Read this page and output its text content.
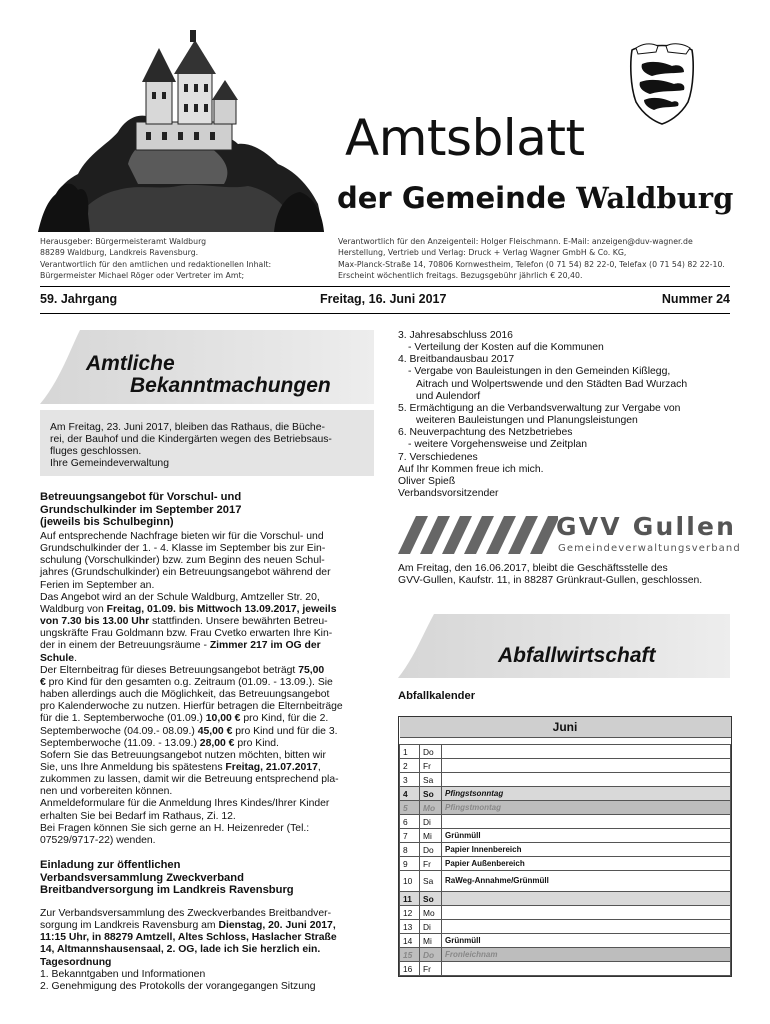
Amtsblatt
der Gemeinde Waldburg
Herausgeber: Bürgermeisteramt Waldburg
88289 Waldburg, Landkreis Ravensburg.
Verantwortlich für den amtlichen und redaktionellen Inhalt:
Bürgermeister Michael Röger oder Vertreter im Amt;
Verantwortlich für den Anzeigenteil: Holger Fleischmann. E-Mail: anzeigen@duv-wagner.de
Herstellung, Vertrieb und Verlag: Druck + Verlag Wagner GmbH & Co. KG,
Max-Planck-Straße 14, 70806 Kornwestheim, Telefon (0 71 54) 82 22-0, Telefax (0 71 54) 82 22-10.
Erscheint wöchentlich freitags. Bezugsgebühr jährlich € 20,40.
59. Jahrgang	Freitag, 16. Juni 2017	Nummer 24
Amtliche
Bekanntmachungen
Am Freitag, 23. Juni 2017, bleiben das Rathaus, die Büche-
rei, der Bauhof und die Kindergärten wegen des Betriebsaus-
fluges geschlossen.
Ihre Gemeindeverwaltung
Betreuungsangebot für Vorschul- und
Grundschulkinder im September 2017
(jeweils bis Schulbeginn)
Auf entsprechende Nachfrage bieten wir für die Vorschul- und
Grundschulkinder der 1. - 4. Klasse im September bis zur Ein-
schulung (Vorschulkinder) bzw. zum Beginn des neuen Schul-
jahres (Grundschulkinder) ein Betreuungsangebot während der
Ferien im September an.
Das Angebot wird an der Schule Waldburg, Amtzeller Str. 20,
Waldburg von Freitag, 01.09. bis Mittwoch 13.09.2017, jeweils
von 7.30 bis 13.00 Uhr stattfinden. Unsere bewährten Betreu-
ungskräfte Frau Goldmann bzw. Frau Cvetko erwarten Ihre Kin-
der in einem der Betreuungsräume - Zimmer 217 im OG der
Schule.
Der Elternbeitrag für dieses Betreuungsangebot beträgt 75,00
€ pro Kind für den gesamten o.g. Zeitraum (01.09. - 13.09.). Sie
haben allerdings auch die Möglichkeit, das Betreuungsangebot
pro Kalenderwoche zu nutzen. Hierfür betragen die Elternbeiträge
für die 1. Septemberwoche (01.09.) 10,00 € pro Kind, für die 2.
Septemberwoche (04.09.- 08.09.) 45,00 € pro Kind und für die 3.
Septemberwoche (11.09. - 13.09.) 28,00 € pro Kind.
Sofern Sie das Betreuungsangebot nutzen möchten, bitten wir
Sie, uns Ihre Anmeldung bis spätestens Freitag, 21.07.2017,
zukommen zu lassen, damit wir die Betreuung entsprechend pla-
nen und vorbereiten können.
Anmeldeformulare für die Anmeldung Ihres Kindes/Ihrer Kinder
erhalten Sie bei Bedarf im Rathaus, Zi. 12.
Bei Fragen können Sie sich gerne an H. Heizenreder (Tel.:
07529/9717-22) wenden.
Einladung zur öffentlichen
Verbandsversammlung Zweckverband
Breitbandversorgung im Landkreis Ravensburg
Zur Verbandsversammlung des Zweckverbandes Breitbandver-
sorgung im Landkreis Ravensburg am Dienstag, 20. Juni 2017,
11:15 Uhr, in 88279 Amtzell, Altes Schloss, Haslacher Straße
14, Altmannshausensaal, 2. OG, lade ich Sie herzlich ein.
Tagesordnung
1. Bekanntgaben und Informationen
2. Genehmigung des Protokolls der vorangegangen Sitzung
3. Jahresabschluss 2016
- Verteilung der Kosten auf die Kommunen
4. Breitbandausbau 2017
- Vergabe von Bauleistungen in den Gemeinden Kißlegg,
Aitrach und Wolpertswende und den Städten Bad Wurzach
und Aulendorf
5. Ermächtigung an die Verbandsverwaltung zur Vergabe von
weiteren Bauleistungen und Planungsleistungen
6. Neuverpachtung des Netzbetriebes
- weitere Vorgehensweise und Zeitplan
7. Verschiedenes
Auf Ihr Kommen freue ich mich.
Oliver Spieß
Verbandsvorsitzender
GVV Gullen
Gemeindeverwaltungsverband
Am Freitag, den 16.06.2017, bleibt die Geschäftsstelle des
GVV-Gullen, Kaufstr. 11, in 88287 Grünkraut-Gullen, geschlossen.
Abfallwirtschaft
Abfallkalender
Juni		

1	Do	
2	Fr	
3	Sa	
4	So	Pfingstsonntag
5	Mo	Pfingstmontag
6	Di	
7	Mi	Grünmüll
8	Do	Papier Innenbereich
9	Fr	Papier Außenbereich
10	Sa	RaWeg-Annahme/Grünmüll
11	So	
12	Mo	
13	Di	
14	Mi	Grünmüll
15	Do	Fronleichnam
16	Fr	
